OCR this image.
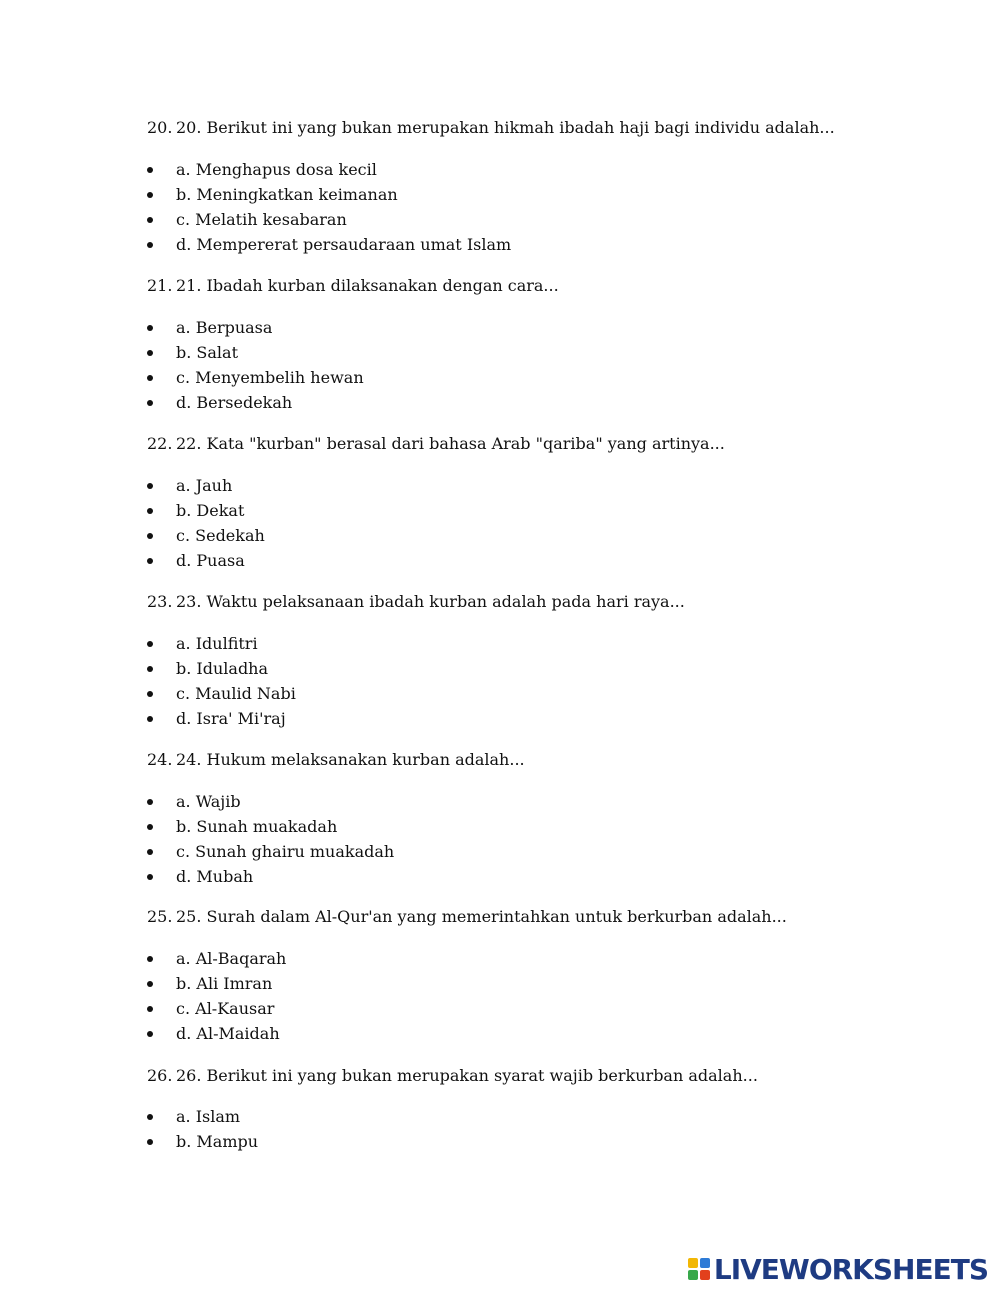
20. 20. Berikut ini yang bukan merupakan hikmah ibadah haji bagi individu adalah...
a. Menghapus dosa kecil
b. Meningkatkan keimanan
c. Melatih kesabaran
d. Mempererat persaudaraan umat Islam
21. 21. Ibadah kurban dilaksanakan dengan cara...
a. Berpuasa
b. Salat
c. Menyembelih hewan
d. Bersedekah
22. 22. Kata "kurban" berasal dari bahasa Arab "qariba" yang artinya...
a. Jauh
b. Dekat
c. Sedekah
d. Puasa
23. 23. Waktu pelaksanaan ibadah kurban adalah pada hari raya...
a. Idulfitri
b. Iduladha
c. Maulid Nabi
d. Isra' Mi'raj
24. 24. Hukum melaksanakan kurban adalah...
a. Wajib
b. Sunah muakadah
c. Sunah ghairu muakadah
d. Mubah
25. 25. Surah dalam Al-Qur'an yang memerintahkan untuk berkurban adalah...
a. Al-Baqarah
b. Ali Imran
c. Al-Kausar
d. Al-Maidah
26. 26. Berikut ini yang bukan merupakan syarat wajib berkurban adalah...
a. Islam
b. Mampu
LIVEWORKSHEETS
